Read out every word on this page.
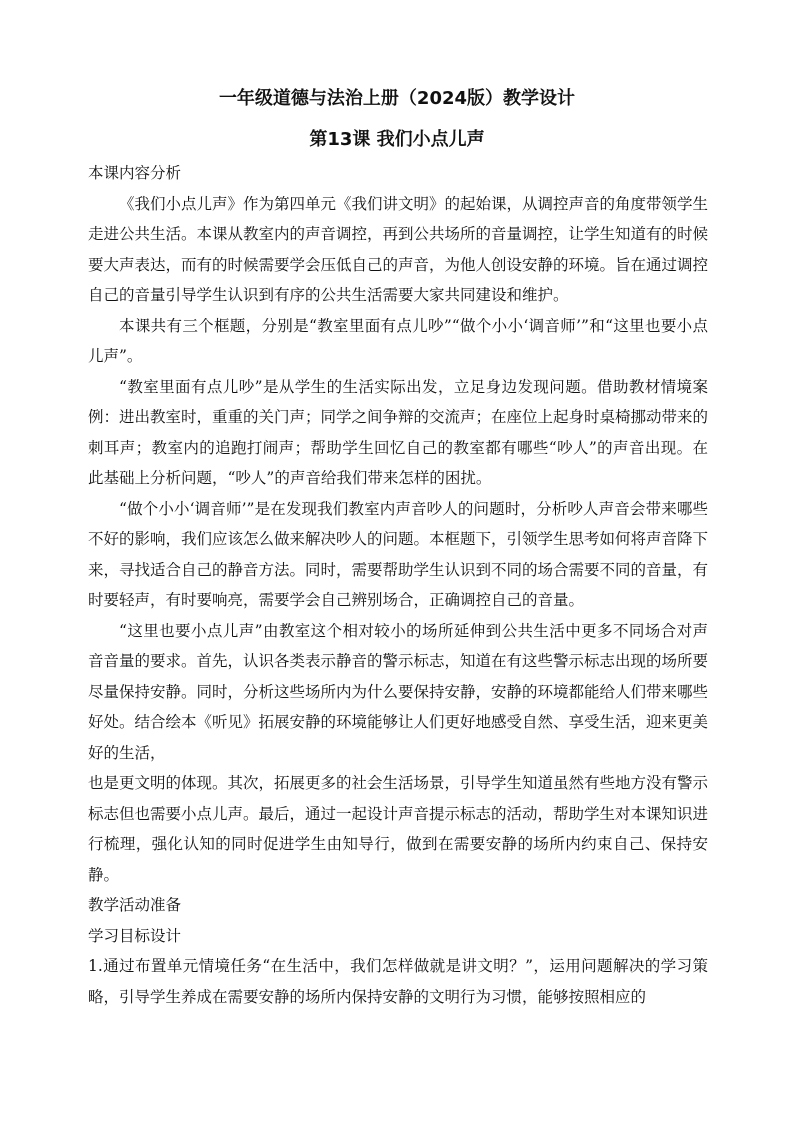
一年级道德与法治上册（2024版）教学设计
第13课 我们小点儿声

本课内容分析

《我们小点儿声》作为第四单元《我们讲文明》的起始课，从调控声音的角度带领学生走进公共生活。本课从教室内的声音调控，再到公共场所的音量调控，让学生知道有的时候要大声表达，而有的时候需要学会压低自己的声音，为他人创设安静的环境。旨在通过调控自己的音量引导学生认识到有序的公共生活需要大家共同建设和维护。

本课共有三个框题，分别是“教室里面有点儿吵”“做个小小‘调音师’”和“这里也要小点儿声”。

“教室里面有点儿吵”是从学生的生活实际出发，立足身边发现问题。借助教材情境案例：进出教室时，重重的关门声；同学之间争辩的交流声；在座位上起身时桌椅挪动带来的刺耳声；教室内的追跑打闹声；帮助学生回忆自己的教室都有哪些“吵人”的声音出现。在此基础上分析问题，“吵人”的声音给我们带来怎样的困扰。

“做个小小‘调音师’”是在发现我们教室内声音吵人的问题时，分析吵人声音会带来哪些不好的影响，我们应该怎么做来解决吵人的问题。本框题下，引领学生思考如何将声音降下来，寻找适合自己的静音方法。同时，需要帮助学生认识到不同的场合需要不同的音量，有时要轻声，有时要响亮，需要学会自己辨别场合，正确调控自己的音量。

“这里也要小点儿声”由教室这个相对较小的场所延伸到公共生活中更多不同场合对声音音量的要求。首先，认识各类表示静音的警示标志，知道在有这些警示标志出现的场所要尽量保持安静。同时，分析这些场所内为什么要保持安静，安静的环境都能给人们带来哪些好处。结合绘本《听见》拓展安静的环境能够让人们更好地感受自然、享受生活，迎来更美好的生活，

也是更文明的体现。其次，拓展更多的社会生活场景，引导学生知道虽然有些地方没有警示标志但也需要小点儿声。最后，通过一起设计声音提示标志的活动，帮助学生对本课知识进行梳理，强化认知的同时促进学生由知导行，做到在需要安静的场所内约束自己、保持安静。

教学活动准备

学习目标设计

1.通过布置单元情境任务“在生活中，我们怎样做就是讲文明？”，运用问题解决的学习策略，引导学生养成在需要安静的场所内保持安静的文明行为习惯，能够按照相应的
